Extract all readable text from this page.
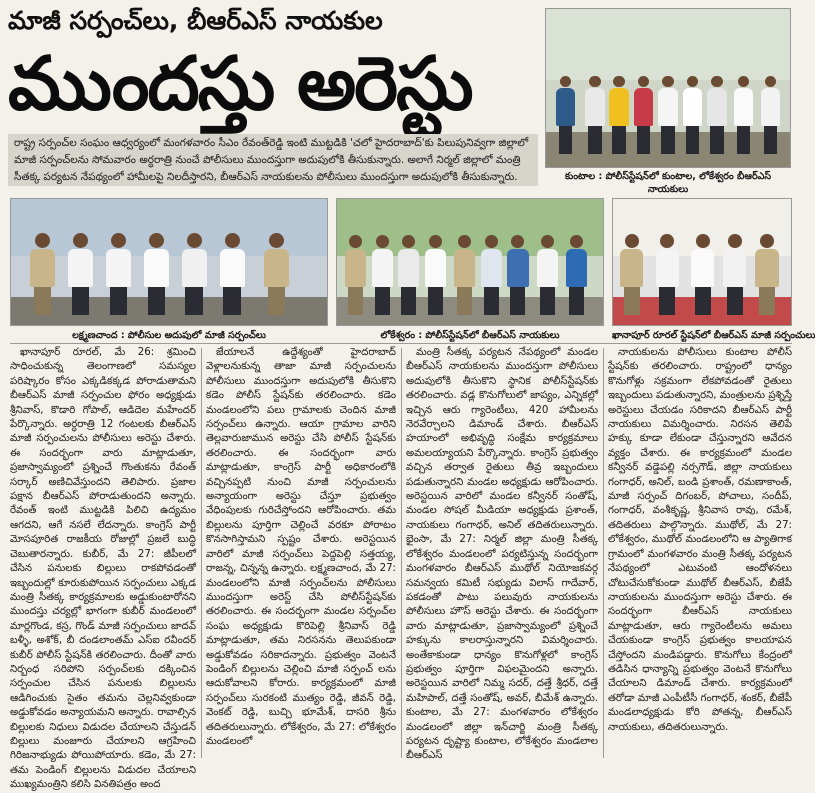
మాజీ సర్పంచ్‌లు, బీఆర్‌ఎస్‌ నాయకుల
ముందస్తు అరెస్టు
రాష్ట్ర సర్పంచ్‌ల సంఘం ఆధ్వర్యంలో మంగళవారం సీఎం రేవంత్‌రెడ్డి ఇంటి ముట్టడికి 'చలో హైదరాబాద్‌'కు పిలుపునివ్వగా జిల్లాలో మాజీ సర్పంచ్‌లను సోమవారం అర్ధరాత్రి నుంచే పోలీసులు ముందస్తుగా అదుపులోకి తీసుకున్నారు. అలాగే నిర్మల్‌ జిల్లాలో మంత్రి సీతక్క పర్యటన నేపథ్యంలో హామీలపై నిలదీస్తారని, బీఆర్‌ఎస్‌ నాయకులను పోలీసులు ముందస్తుగా అదుపులోకి తీసుకున్నారు.	కుంటాల : పోలీస్‌స్టేషన్‌లో కుంటాల, లోకేశ్వరం బీఆర్‌ఎస్‌ నాయకులు
లక్ష్మణచాంద : పోలీసుల అదుపులో మాజీ సర్పంచ్‌లు	లోకేశ్వరం : పోలీస్‌స్టేషన్‌లో బీఆర్‌ఎస్‌ నాయకులు	ఖానాపూర్‌ రూరల్‌ స్టేషన్‌లో బీఆర్‌ఎస్‌ మాజీ సర్పంచులు

ఖానాపూర్‌ రూరల్‌, మే 26: శ్రమించి సాధించుకున్న తెలంగాణలో సమస్యల పరిష్కారం కోసం ఎక్కడికక్కడ పోరాడుతామని బీఆర్‌ఎస్‌ మాజీ సర్పంచుల ఫోరం అధ్యక్షుడు శ్రీనివాస్‌, కొడారి గోపాల్‌, ఆడిదెల మహేందర్‌ పేర్కొన్నారు. అర్ధరాత్రి 12 గంటలకు బీఆర్‌ఎస్‌ మాజీ సర్పంచులను పోలీసులు అరెస్టు చేశారు. ఈ సందర్భంగా వారు మాట్లాడుతూ, ప్రజాస్వామ్యంలో ప్రశ్నించే గొంతుకను రేవంత్‌ సర్కార్‌ అణిచివేస్తుందని తెలిపారు. ప్రజాల పక్షాన బీఆర్‌ఎస్‌ పోరాడుతుందని అన్నారు. రేవంత్‌ ఇంటి ముట్టడికి పిలిచి ఉద్యమం ఆగదని, ఆగే నసలే లేదన్నారు. కాంగ్రెస్‌ పార్టీ మోసపూరిత రాజకీయ రోజుల్లో ప్రజలే బుద్ధి చెబుతారన్నారు. కుబీర్‌, మే 27: జీపీలలో చేసిన పనులకు బిల్లులు రాకపోవడంతో ఇబ్బందుల్లో కూరుకుపోయిన సర్పంచులు ఎక్కడ మంత్రి సీతక్క కార్యక్రమాలకు అడ్డుకుంటారోనని ముందస్తు చర్యల్లో భాగంగా కుబీర్‌ మండలంలో మార్లగొండ, కస్ర, గొండ్‌ మాజీ సర్పంచులు జాదవ్‌ బళ్ళీ, అశోక్‌, బీ దండలాంతమ్‌ ఎస్‌ఐ రవీందర్‌ కుబీర్‌ పోలీస్‌ స్టేషన్‌కి తరలించారు. దీంతో వారు నిర్బంధ సరిపోని సర్పంచ్‌లకు దక్కించిన సర్పంచుల చేసిన పనులకు బిల్లులను ఆడిగించుకు సైతం తమను చెల్లనివ్వకుండా అడ్డుకోవడం అన్యాయమని అన్నారు. రావాల్సిన బిల్లులకు నిధులు విడుదల చేయాలని చేస్తుడన్‌ బిల్లులు మంజూరు చేయాలని ఆగ్రహించి గిరిజనాభ్యుడు పోయిపోయారు. కడెం, మే 27: తమ పెండింగ్‌ బిల్లులను విడుదల చేయాలని ముఖ్యమంత్రిని కలిసి వినతిపత్రం అంద

జేయాలనే ఉద్దేశ్యంతో హైదరాబాద్‌ వెళ్లాలనుకున్న తాజా మాజీ సర్పంచులను పోలీసులు ముందస్తుగా అదుపులోకి తీసుకొని కడెం పోలీస్‌ స్టేషన్‌కు తరలించారు. కడెం మండలంలోని పలు గ్రామాలకు చెందిన మాజీ సర్పంచ్‌లు ఉన్నారు. ఆయా గ్రామాల వారిని తెల్లవారుజామున అరెస్టు చేసి పోలీస్‌ స్టేషన్‌కు తరలించారు. ఈ సందర్భంగా వారు మాట్లాడుతూ, కాంగ్రెస్‌ పార్టీ అధికారంలోకి వచ్చినప్పటి నుంచి మాజీ సర్పంచులను అన్యాయంగా అరెస్టు చేస్తూ ప్రభుత్వం వేధింపులకు గురిచేస్తోందని ఆరోపించారు. తమ బిల్లులను పూర్తిగా చెల్లించే వరకూ పోరాటం కొనసాగిస్తామని స్పష్టం చేశారు. అరెస్టయిన వారిలో మాజీ సర్పంచ్‌లు పెద్దపెల్లి సత్తయ్య, రాజన్న, చిన్నన్న ఉన్నారు. లక్ష్మణచాంద, మే 27: మండలంలోని మాజీ సర్పంచ్‌లను పోలీసులు ముందస్తుగా అరెస్ట్‌ చేసి పోలీస్‌స్టేషన్‌కు తరలించారు. ఈ సందర్భంగా మండల సర్పంచ్‌ల సంఘ అధ్యక్షుడు కొరిపెల్లి శ్రీనివాస్‌ రెడ్డి మాట్లాడుతూ, తమ నిరసనను తెలుపకుండా అడ్డుకోవడం సరికాదన్నారు. ప్రభుత్వం వెంటనే పెండింగ్‌ బిల్లులను చెల్లించి మాజీ సర్పంచ్‌ లను ఆదుకోవాలని కోరారు. కార్యక్రమంలో మాజీ సర్పంచ్‌లు సురకంటి ముత్యం రెడ్డి, జీవన్‌ రెడ్డి, వెంకట్‌ రెడ్డి, బుచ్చి భూమేశ్‌, దాసరి శ్రీను తదితరులున్నారు. లోకేశ్వరం, మే 27: లోకేశ్వరం మండలంలో

మంత్రి సీతక్క పర్యటన నేపథ్యంలో మండల బీఆర్‌ఎస్‌ నాయకులను ముందస్తుగా పోలీసులు అదుపులోకి తీసుకొని స్థానిక పోలీస్‌స్టేషన్‌కు తరలించారు. వడ్ల కొనుగోలులో జాప్యం, ఎన్నికల్లో ఇచ్చిన ఆరు గ్యారెంటీలు, 420 హామీలను నెరవేర్చాలని డిమాండ్‌ చేశారు. బీఆర్‌ఎస్‌ హయాంలో అభివృద్ధి సంక్షేమ కార్యక్రమాలు అమలయ్యాయని పేర్కొన్నారు. కాంగ్రెస్‌ ప్రభుత్వం వచ్చిన తర్వాత రైతులు తీవ్ర ఇబ్బందులు పడుతున్నారని మండల అధ్యక్షుడు ఆరోపించారు. అరెస్టయిన వారిలో మండల కన్వీనర్‌ సంతోష్‌, మండల సోషల్‌ మీడియా అధ్యక్షుడు ప్రశాంత్‌, నాయకులు గంగాధర్‌, అనిల్‌ తదితరులున్నారు. భైంసా, మే 27: నిర్మల్‌ జిల్లా మంత్రి సీతక్క లోకేశ్వరం మండలంలో పర్యటిస్తున్న సందర్భంగా మంగళవారం బీఆర్‌ఎస్‌ ముథోల్‌ నియోజకవర్గ సమన్వయ కమిటీ సభ్యుడు విలాస్‌ గాదేవార్‌, పకడంతో పాటు పలువురు నాయకులను పోలీసులు హౌస్‌ అరెస్టు చేశారు. ఈ సందర్భంగా వారు మాట్లాడుతూ, ప్రజాస్వామ్యంలో ప్రశ్నించే హక్కును కాలరాస్తున్నారని విమర్శించారు. అంతేకాకుండా ధాన్యం కొనుగోళ్లలో కాంగ్రెస్‌ ప్రభుత్వం పూర్తిగా విఫలమైందని అన్నారు. అరెస్టయిన వారిలో నిమ్మ సదర్‌, దత్తే శ్రీధర్‌, దత్తే మహిపాల్‌, దత్తే సంతోష్‌, అవర్‌, బీమేశ్‌ ఉన్నారు. కుంటాల, మే 27: మంగళవారం లోకేశ్వరం మండలంలో జిల్లా ఇన్‌చార్జి మంత్రి సీతక్క పర్యటన దృష్ట్యా కుంటాల, లోకేశ్వరం మండలాల బీఆర్‌ఎస్‌

నాయకులను పోలీసులు కుంటాల పోలీస్‌ స్టేషన్‌కు తరలించారు. రాష్ట్రంలో ధాన్యం కొనుగోళ్లు సక్రమంగా లేకపోవడంతో రైతులు ఇబ్బందులు పడుతున్నారని, మంత్రులను ప్రశ్నిస్తే అరెస్టులు చేయడం సరికాదని బీఆర్‌ఎస్‌ పార్టీ నాయకులు విమర్శించారు. నిరసన తెలిపే హక్కు కూడా లేకుండా చేస్తున్నారని ఆవేదన వ్యక్తం చేశారు. ఈ కార్యక్రమంలో మండల కన్వీనర్‌ వడ్డెపల్లి నర్సగౌడ్‌, జిల్లా నాయకులు గంగాధర్‌, అనిల్‌, బండి ప్రశాంత్‌, రమణాకాంత్‌, మాజీ సర్పంచ్‌ దిగంబర్‌, పోచాలు, సందీప్‌, గంగాధర్‌, వంశీకృష్ణ, శ్రీనివాస రావు, రమేశ్‌, తదితరులు పాల్గొన్నారు. ముథోల్‌, మే 27: లోకేశ్వరం, ముథోల్‌ మండలంలోని ఆ ప్యాతిగాక గ్రామంలో మంగళవారం మంత్రి సీతక్క పర్యటన నేపథ్యంలో ఎటువంటి ఆందోళనలు చోటుచేసుకోకుండా ముథోల్‌ బీఆర్‌ఎస్‌, బీజేపీ నాయకులను ముందస్తుగా అరెస్టు చేశారు. ఈ సందర్భంగా బీఆర్‌ఎస్‌ నాయకులు మాట్లాడుతూ, ఆరు గ్యారెంటీలను అమలు చేయకుండా కాంగ్రెస్‌ ప్రభుత్వం కాలయాపన చేస్తోందని మండిపడ్డారు. కొనుగోలు కేంద్రంలో తడిసిన ధాన్యాన్ని ప్రభుత్వం వెంటనే కొనుగోలు చేయాలని డిమాండ్‌ చేశారు. కార్యక్రమంలో తరోడా మాజీ ఎంపీటీసీ గంగాధర్‌, శంకర్‌, బీజేపీ మండలాధ్యక్షుడు కోరి పోతన్న, బీఆర్‌ఎస్‌ నాయకులు, తదితరులున్నారు.
